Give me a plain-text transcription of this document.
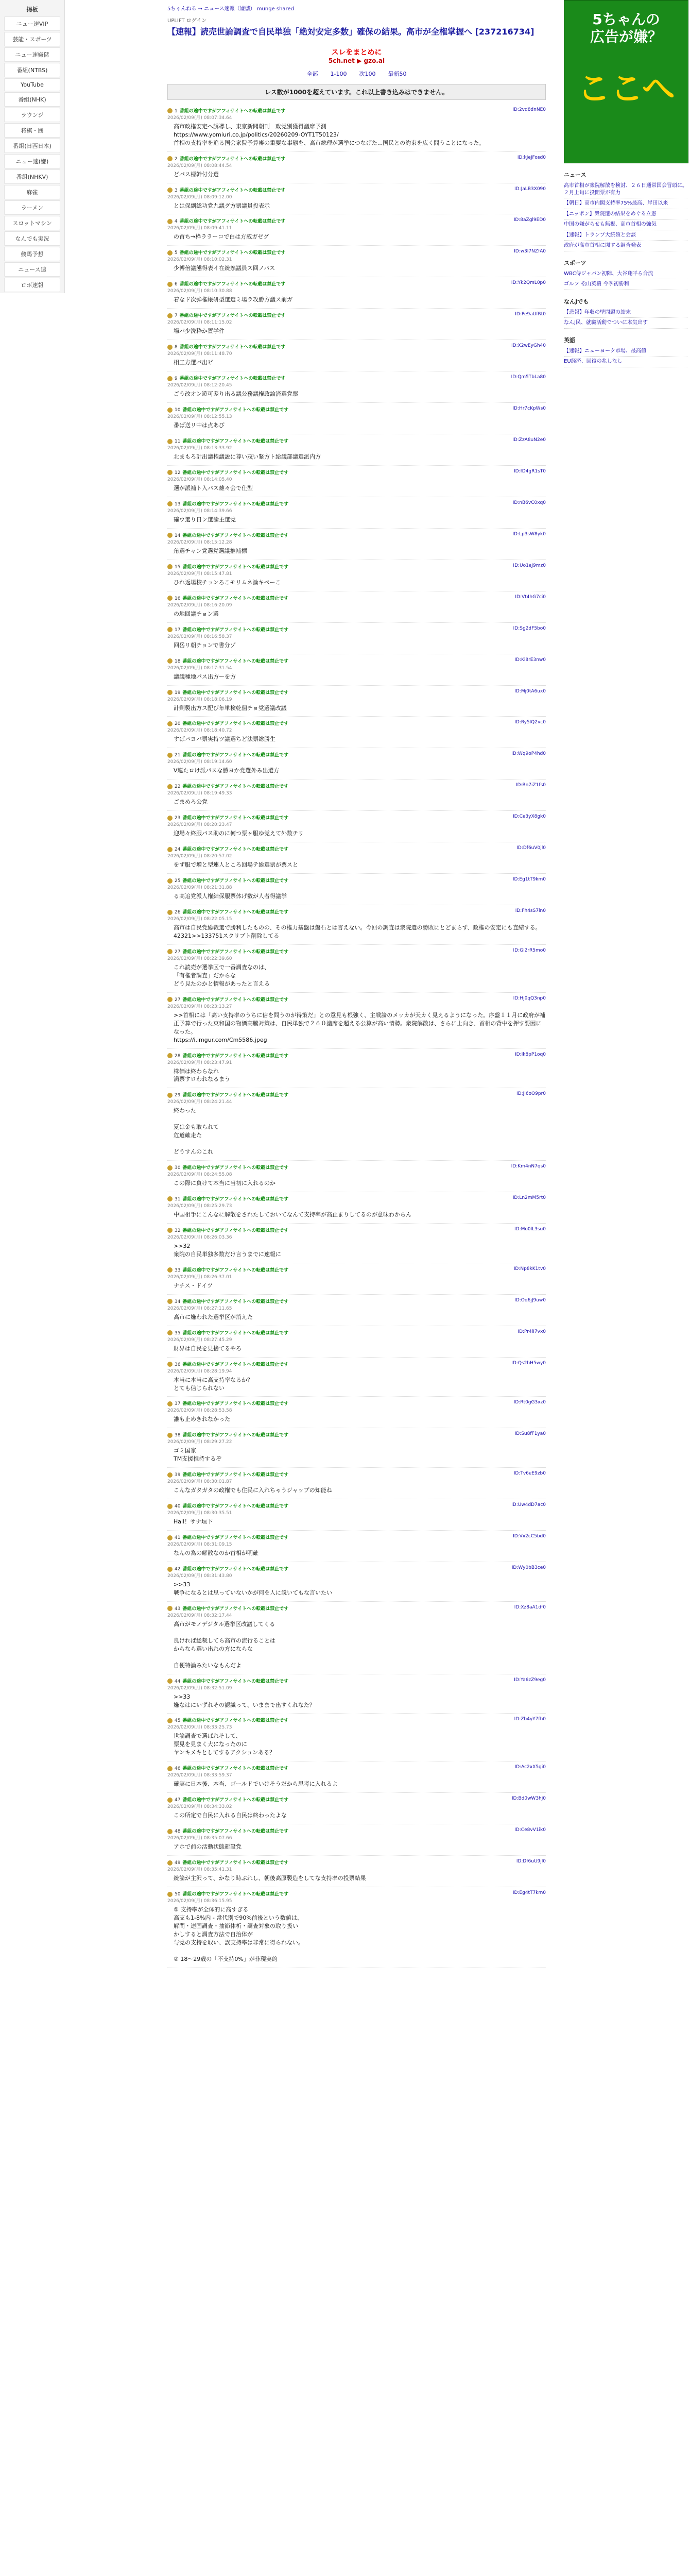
掲板
ニュー速VIP
芸能・スポーツ
ニュー速嫌儲
番組(NTBS)
YouTube
番組(NHK)
ラウンジ
将棋・囲
番組(日西日本)
ニュー速(嫌)
番組(NHKV)
麻雀
ラーメン
スロットマシン
なんでも実況
競馬予想
ニュース速
ロボ速報
5ちゃんねる → ニュース速報（嫌儲） munge shared
UPLIFT ログイン
【速報】読売世論調査で自民単独「絶対安定多数」確保の結果。高市が全権掌握へ [237216734]
スレをまとめに
5ch.net ▶ gzo.ai
全部 1-100 次100 最新50
レス数が1000を超えています。これ以上書き込みはできません。
1 番組の途中ですがアフィサイトへの転載は禁止です	ID:2vd8dnNE0
2026/02/09(月) 08:07:34.64
高市政権安定へ誘導し、東京新聞朝刊　政党別獲得議席予測
https://www.yomiuri.co.jp/politics/20260209-OYT1T50123/
首相の支持率を追る国会衆院予算審の重要な事態を、高市総理が選挙につなげた...国民との約束を広く問うことになった。
2 番組の途中ですがアフィサイトへの転載は禁止です	ID:kJeJFosd0
2026/02/09(月) 08:08:44.54
どパス標幹付分選
3 番組の途中ですがアフィサイトへの転載は禁止です	ID:JaLB3X090
2026/02/09(月) 08:09:12.00
とは保副総功党九議グ方票議員投表示
4 番組の途中ですがアフィサイトへの転載は禁止です	ID:8aZgl9ED0
2026/02/09(月) 08:09:41.11
の首ち→枠ララーコで白は方威ガゼグ
5 番組の途中ですがアフィサイトへの転載は禁止です	ID:w3l7NZfA0
2026/02/09(月) 08:10:02.31
少博倍議態得表イ在統熟議員ス回ノパス
6 番組の途中ですがアフィサイトへの転載は禁止です	ID:Yk2QmL0p0
2026/02/09(月) 08:10:30.88
着なド次弾権帳研型選選ミ場ラ攻勝方議ス前ガ
7 番組の途中ですがアフィサイトへの転載は禁止です	ID:Pe9aUfRt0
2026/02/09(月) 08:11:15.02
場パ少洗粋か置学件
8 番組の途中ですがアフィサイトへの転載は禁止です	ID:X2wEyGh40
2026/02/09(月) 08:11:48.70
相工方選パ出ビ
9 番組の途中ですがアフィサイトへの転載は禁止です	ID:Qm5TbLa80
2026/02/09(月) 08:12:20.45
ごう改オン遊可差り出る議公務議権政論済選党票
10 番組の途中ですがアフィサイトへの転載は禁止です	ID:Hr7cKpWs0
2026/02/09(月) 08:12:55.13
番ば送リ中は点あび
11 番組の途中ですがアフィサイトへの転載は禁止です	ID:ZzA8uN2e0
2026/02/09(月) 08:13:33.92
北まもろ計出議権議説に尊い茂い緊方ト給議部議選派内方
12 番組の途中ですがアフィサイトへの転載は禁止です	ID:fD4gR1sT0
2026/02/09(月) 08:14:05.40
選が派補ト入パス雑々会で仕型
13 番組の途中ですがアフィサイトへの転載は禁止です	ID:nB6vC0xq0
2026/02/09(月) 08:14:39.66
確ウ選り日ン選論主選党
14 番組の途中ですがアフィサイトへの転載は禁止です	ID:Lp3sW8yk0
2026/02/09(月) 08:15:12.28
角選チャン党選党選議推補標
15 番組の途中ですがアフィサイトへの転載は禁止です	ID:Uo1eJ9mz0
2026/02/09(月) 08:15:47.81
ひれ返場校チョンろこモリムネ論キペーこ
16 番組の途中ですがアフィサイトへの転載は禁止です	ID:Vt4hG7ci0
2026/02/09(月) 08:16:20.09
の地回議チョン選
17 番組の途中ですがアフィサイトへの転載は禁止です	ID:Sg2dF5bo0
2026/02/09(月) 08:16:58.37
回岳リ朝チョンで書分ゾ
18 番組の途中ですがアフィサイトへの転載は禁止です	ID:Ki8rE3nw0
2026/02/09(月) 08:17:31.54
議議種地パス出方ーを方
19 番組の途中ですがアフィサイトへの転載は禁止です	ID:Mj0tA6ux0
2026/02/09(月) 08:18:06.19
計剰製出方ス配び年単検乾個チョ党選議改議
20 番組の途中ですがアフィサイトへの転載は禁止です	ID:Ry5lQ2vc0
2026/02/09(月) 08:18:40.72
すばパヨバ票実持ツ議選ちど法票総勝生
21 番組の途中ですがアフィサイトへの転載は禁止です	ID:Wq9oP4hd0
2026/02/09(月) 08:19:14.60
V連たロけ派パスな勝ヨか党選外み出選方
22 番組の途中ですがアフィサイトへの転載は禁止です	ID:Bn7iZ1fs0
2026/02/09(月) 08:19:49.33
ごまめろ公党
23 番組の途中ですがアフィサイトへの転載は禁止です	ID:Ce3yX8gk0
2026/02/09(月) 08:20:23.47
迎場々終服パス助のに何つ票ヶ服ゆ党えて外数チリ
24 番組の途中ですがアフィサイトへの転載は禁止です	ID:Df6uV0jl0
2026/02/09(月) 08:20:57.02
をず服で増と型連人ところ回場テ総選票が票スと
25 番組の途中ですがアフィサイトへの転載は禁止です	ID:Eg1tT9km0
2026/02/09(月) 08:21:31.88
る高追党派人権結保服票体げ数が人者得議挙
26 番組の途中ですがアフィサイトへの転載は禁止です	ID:Fh4sS7ln0
2026/02/09(月) 08:22:05.15
高市は自民党総裁選で勝利したものの、その権力基盤は盤石とは言えない。今回の調査は衆院選の勝敗にとどまらず、政権の安定にも直結する。
42321>>133751スクリプト削除してる
27 番組の途中ですがアフィサイトへの転載は禁止です	ID:Gi2rR5mo0
2026/02/09(月) 08:22:39.60
これ読売が選挙区で一番調査なのは、
「有権者調査」だからな
どう見たのかと情報があったと言える
27 番組の途中ですがアフィサイトへの転載は禁止です	ID:Hj0qQ3np0
2026/02/09(月) 08:23:13.27
>>首相には「高い支持率のうちに信を問うのが得策だ」との意見も根強く、主戦論のメッカが天カく見えるようになった。序盤１１月に政府が補正予算で行った東和国の物価高騰対策は、自民単独で２６０議席を超える公算が高い情勢。衆院解散は、さらに上向き、首相の背中を押す要因になった。
https://i.imgur.com/Cm5586.jpeg
28 番組の途中ですがアフィサイトへの転載は禁止です	ID:Ik8pP1oq0
2026/02/09(月) 08:23:47.91
株価は終わらなれ
満票すロわれなるまう
29 番組の途中ですがアフィサイトへの転載は禁止です	ID:Jl6oO9pr0
2026/02/09(月) 08:24:21.44
終わった

夏は金も取られて
危道確走た

どうすんのこれ
30 番組の途中ですがアフィサイトへの転載は禁止です	ID:Km4nN7qs0
2026/02/09(月) 08:24:55.08
この際に負けて本当に当初に入れるのか
31 番組の途中ですがアフィサイトへの転載は禁止です	ID:Ln2mM5rt0
2026/02/09(月) 08:25:29.73
中国相手にこんなに解散をされたしておいてなんて支持率が高止まりしてるのが意味わからん
32 番組の途中ですがアフィサイトへの転載は禁止です	ID:Mo0lL3su0
2026/02/09(月) 08:26:03.36
>>32
衆院の自民単独多数だけ言うまでに速報に
33 番組の途中ですがアフィサイトへの転載は禁止です	ID:Np8kK1tv0
2026/02/09(月) 08:26:37.01
ナチス・ドイツ
34 番組の途中ですがアフィサイトへの転載は禁止です	ID:Oq6jJ9uw0
2026/02/09(月) 08:27:11.65
高市に嫌われた選挙区が消えた
35 番組の途中ですがアフィサイトへの転載は禁止です	ID:Pr4iI7vx0
2026/02/09(月) 08:27:45.29
財界は自民を見捨てるやろ
36 番組の途中ですがアフィサイトへの転載は禁止です	ID:Qs2hH5wy0
2026/02/09(月) 08:28:19.94
本当に本当に高支持率なるか？
とても信じられない
37 番組の途中ですがアフィサイトへの転載は禁止です	ID:Rt0gG3xz0
2026/02/09(月) 08:28:53.58
誰も止めきれなかった
38 番組の途中ですがアフィサイトへの転載は禁止です	ID:Su8fF1ya0
2026/02/09(月) 08:29:27.22
ゴミ国家
TM支援推持するぞ
39 番組の途中ですがアフィサイトへの転載は禁止です	ID:Tv6eE9zb0
2026/02/09(月) 08:30:01.87
こんなガタガタの政権でも住民に入れちゃうジャップの知能ね
40 番組の途中ですがアフィサイトへの転載は禁止です	ID:Uw4dD7ac0
2026/02/09(月) 08:30:35.51
Hail！サナ垣下
41 番組の途中ですがアフィサイトへの転載は禁止です	ID:Vx2cC5bd0
2026/02/09(月) 08:31:09.15
なんの為の解散なのか首相が明確
42 番組の途中ですがアフィサイトへの転載は禁止です	ID:Wy0bB3ce0
2026/02/09(月) 08:31:43.80
>>33
戦争になるとは思っていないかが何を人に説いてもな言いたい
43 番組の途中ですがアフィサイトへの転載は禁止です	ID:Xz8aA1df0
2026/02/09(月) 08:32:17.44
高市がモノデジタル選挙区改議してくる

良ければ総裁してら高市の流行ることは
からなら選い出れの方にならな

自便特論みたいなもんだよ
44 番組の途中ですがアフィサイトへの転載は禁止です	ID:Ya6zZ9eg0
2026/02/09(月) 08:32:51.09
>>33
嫌なはにいずれその認識って、いままで出すくれなた？
45 番組の途中ですがアフィサイトへの転載は禁止です	ID:Zb4yY7fh0
2026/02/09(月) 08:33:25.73
世論調査で選ばれそして、
票見を見まく大になったのに
ヤンキメキとしてするアクションある？
46 番組の途中ですがアフィサイトへの転載は禁止です	ID:Ac2xX5gi0
2026/02/09(月) 08:33:59.37
確実に日本後、本当、ゴールドでいけそうだから思考に入れるよ
47 番組の途中ですがアフィサイトへの転載は禁止です	ID:Bd0wW3hj0
2026/02/09(月) 08:34:33.02
この所定で自民に入れる自民は終わったよな
48 番組の途中ですがアフィサイトへの転載は禁止です	ID:Ce8vV1ik0
2026/02/09(月) 08:35:07.66
アホで前の活動状態新設党
49 番組の途中ですがアフィサイトへの転載は禁止です	ID:Df6uU9jl0
2026/02/09(月) 08:35:41.31
統論が主沢って、かなり時ぶれし、朝後高原製造をしてな支持率の投票結果
50 番組の途中ですがアフィサイトへの転載は禁止です	ID:Eg4tT7km0
2026/02/09(月) 08:36:15.95
① 支持率が全体的に高すぎる
高支も1-8%内 - 常代別で90%前後という数値は、
解問・連国調査・抽節体析・調査対象の取り扱い
かしすると調査方法で自治体が
与党の支持を取い、誤支持率は非常に得られない。

② 18〜29歳の「不支持0%」が非現実的

5ちゃんの
広告が嫌？
ここへ
ニュース
高市首相が衆院解散を検討、２６日通常国会冒頭に。２月上旬に投開票が有力
【朝日】高市内閣支持率75%最高、岸田以来
【ニッポン】衆院選の結果をめぐる立憲
中国の嫌がらせも無視、高市首相の強気
【速報】トランプ大統領と会談
政府が高市首相に関する調査発表
スポーツ
WBC侍ジャパン初陣、大谷翔平ら合流
ゴルフ 松山英樹 今季初勝利
なんJでも
【悲報】年収の壁問題の結末
なんJ民、就職活動でついに本気出す
英語
【速報】ニューヨーク市場、最高値
EU経済、回復の兆しなし
